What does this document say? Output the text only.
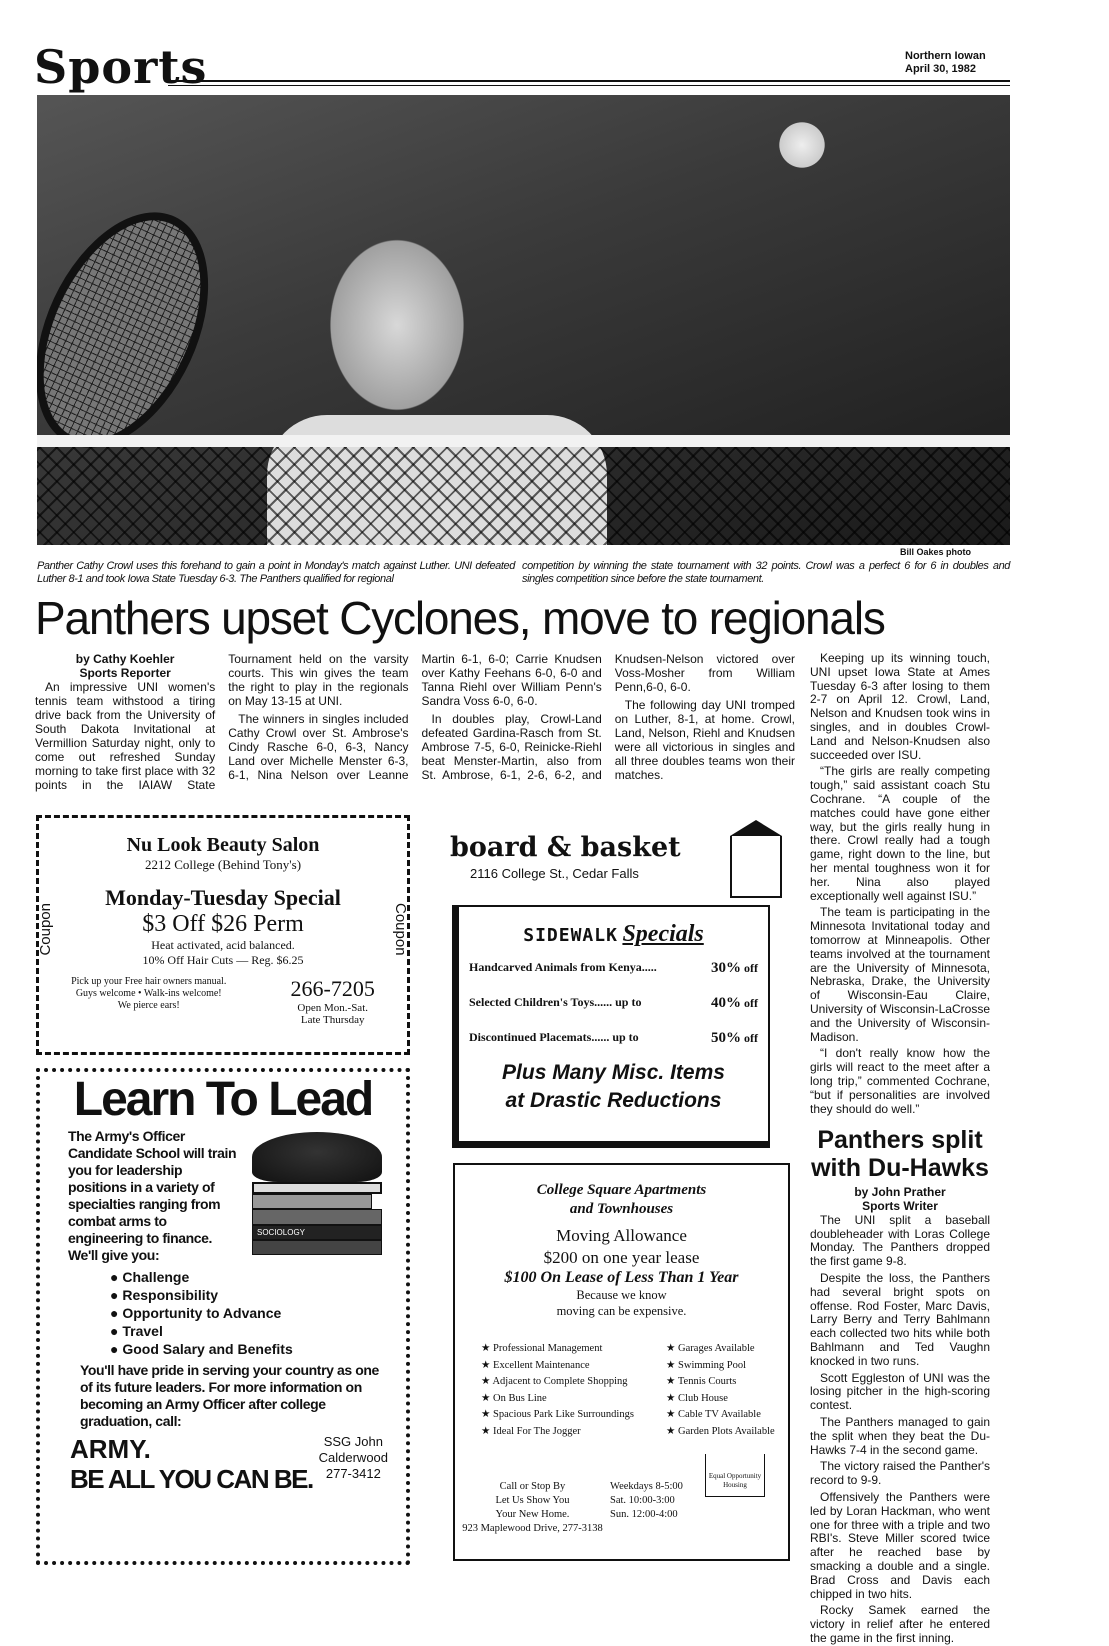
Sports	Northern Iowan
April 30, 1982
Bill Oakes photo
Panther Cathy Crowl uses this forehand to gain a point in Monday's match against Luther. UNI defeated Luther 8-1 and took Iowa State Tuesday 6-3. The Panthers qualified for regional
competition by winning the state tournament with 32 points. Crowl was a perfect 6 for 6 in doubles and singles competition since before the state tournament.
Panthers upset Cyclones, move to regionals

by Cathy Koehler

Sports Reporter

An impressive UNI women's tennis team withstood a tiring drive back from the University of South Dakota Invitational at Vermillion Saturday night, only to come out refreshed Sunday morning to take first place with 32 points in the IAIAW State Tournament held on the varsity courts. This win gives the team the right to play in the regionals on May 13-15 at UNI.

The winners in singles included Cathy Crowl over St. Ambrose's Cindy Rasche 6-0, 6-3, Nancy Land over Michelle Menster 6-3, 6-1, Nina Nelson over Leanne Martin 6-1, 6-0; Carrie Knudsen over Kathy Feehans 6-0, 6-0 and Tanna Riehl over William Penn's Sandra Voss 6-0, 6-0.

In doubles play, Crowl-Land defeated Gardina-Rasch from St. Ambrose 7-5, 6-0, Reinicke-Riehl beat Menster-Martin, also from St. Ambrose, 6-1, 2-6, 6-2, and Knudsen-Nelson victored over Voss-Mosher from William Penn,6-0, 6-0.

The following day UNI tromped on Luther, 8-1, at home. Crowl, Land, Nelson, Riehl and Knudsen were all victorious in singles and all three doubles teams won their matches.

Keeping up its winning touch, UNI upset Iowa State at Ames Tuesday 6-3 after losing to them 2-7 on April 12. Crowl, Land, Nelson and Knudsen took wins in singles, and in doubles Crowl-Land and Nelson-Knudsen also succeeded over ISU.

“The girls are really competing tough,” said assistant coach Stu Cochrane. “A couple of the matches could have gone either way, but the girls really hung in there. Crowl really had a tough game, right down to the line, but her mental toughness won it for her. Nina also played exceptionally well against ISU.”

The team is participating in the Minnesota Invitational today and tomorrow at Minneapolis. Other teams involved at the tournament are the University of Minnesota, Nebraska, Drake, the University of Wisconsin-Eau Claire, University of Wisconsin-LaCrosse and the University of Wisconsin-Madison.

“I don't really know how the girls will react to the meet after a long trip,” commented Cochrane, “but if personalities are involved they should do well.”

Panthers split with Du-Hawks

by John Prather

Sports Writer

The UNI split a baseball doubleheader with Loras College Monday. The Panthers dropped the first game 9-8.

Despite the loss, the Panthers had several bright spots on offense. Rod Foster, Marc Davis, Larry Berry and Terry Bahlmann each collected two hits while both Bahlmann and Ted Vaughn knocked in two runs.

Scott Eggleston of UNI was the losing pitcher in the high-scoring contest.

The Panthers managed to gain the split when they beat the Du-Hawks 7-4 in the second game.

The victory raised the Panther's record to 9-9.

Offensively the Panthers were led by Loran Hackman, who went one for three with a triple and two RBI's. Steve Miller scored twice after he reached base by smacking a double and a single. Brad Cross and Davis each chipped in two hits.

Rocky Samek earned the victory in relief after he entered the game in the first inning.

Coupon	Coupon
Nu Look Beauty Salon
2212 College (Behind Tony's)
Monday-Tuesday Special
$3 Off $26 Perm
Heat activated, acid balanced.
10% Off Hair Cuts — Reg. $6.25
Pick up your Free hair owners manual.
Guys welcome • Walk-ins welcome!
We pierce ears!
266-7205
Open Mon.-Sat.
Late Thursday
Learn To Lead
The Army's Officer Candidate School will train you for leadership positions in a variety of specialties ranging from combat arms to engineering to finance. We'll give you:
SOCIOLOGY
● Challenge
● Responsibility
● Opportunity to Advance
● Travel
● Good Salary and Benefits
You'll have pride in serving your country as one of its future leaders. For more information on becoming an Army Officer after college graduation, call:
ARMY.
BE ALL YOU CAN BE.
SSG John Calderwood
277-3412
board & basket
2116 College St., Cedar Falls
SIDEWALK Specials
Handcarved Animals from Kenya.....	30% off
Selected Children's Toys...... up to	40% off
Discontinued Placemats...... up to	50% off
Plus Many Misc. Items
at Drastic Reductions
College Square Apartments
and Townhouses
Moving Allowance
$200 on one year lease
$100 On Lease of Less Than 1 Year
Because we know
moving can be expensive.
★ Professional Management
★ Excellent Maintenance
★ Adjacent to Complete Shopping
★ On Bus Line
★ Spacious Park Like Surroundings
★ Ideal For The Jogger
★ Garages Available
★ Swimming Pool
★ Tennis Courts
★ Club House
★ Cable TV Available
★ Garden Plots Available
Call or Stop By
Let Us Show You
Your New Home.
923 Maplewood Drive, 277-3138
Weekdays 8-5:00
Sat. 10:00-3:00
Sun. 12:00-4:00
Equal Opportunity Housing
